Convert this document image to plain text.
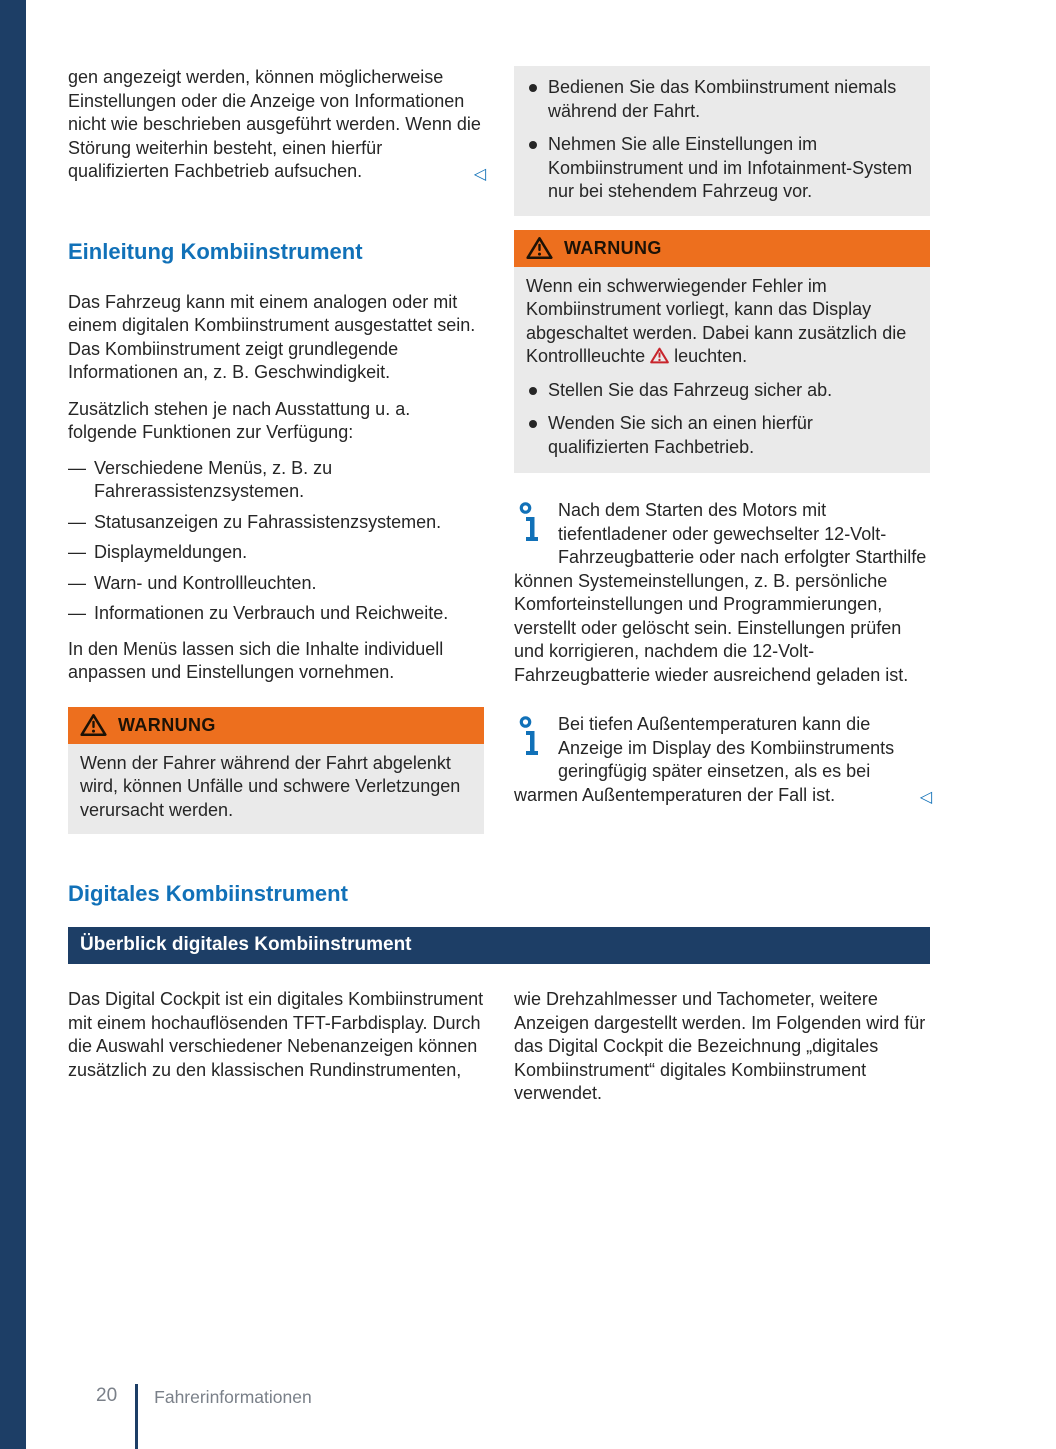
gen angezeigt werden, können möglicherweise Einstellungen oder die Anzeige von Informationen nicht wie beschrieben ausgeführt werden. Wenn die Störung weiterhin besteht, einen hierfür qualifizierten Fachbetrieb aufsuchen.	◁

Einleitung Kombiinstrument

Das Fahrzeug kann mit einem analogen oder mit einem digitalen Kombiinstrument ausgestattet sein. Das Kombiinstrument zeigt grundlegende Informationen an, z. B. Geschwindigkeit.

Zusätzlich stehen je nach Ausstattung u. a. folgende Funktionen zur Verfügung:

— Verschiedene Menüs, z. B. zu Fahrerassistenzsystemen.
— Statusanzeigen zu Fahrassistenzsystemen.
— Displaymeldungen.
— Warn- und Kontrollleuchten.
— Informationen zu Verbrauch und Reichweite.

In den Menüs lassen sich die Inhalte individuell anpassen und Einstellungen vornehmen.

WARNUNG

Wenn der Fahrer während der Fahrt abgelenkt wird, können Unfälle und schwere Verletzungen verursacht werden.

Bedienen Sie das Kombiinstrument niemals während der Fahrt.
Nehmen Sie alle Einstellungen im Kombiinstrument und im Infotainment-System nur bei stehendem Fahrzeug vor.
WARNUNG

Wenn ein schwerwiegender Fehler im Kombiinstrument vorliegt, kann das Display abgeschaltet werden. Dabei kann zusätzlich die Kontrollleuchte leuchten.

Stellen Sie das Fahrzeug sicher ab.
Wenden Sie sich an einen hierfür qualifizierten Fachbetrieb.
Nach dem Starten des Motors mit tiefentladener oder gewechselter 12-Volt-Fahrzeugbatterie oder nach erfolgter Starthilfe können Systemeinstellungen, z. B. persönliche Komforteinstellungen und Programmierungen, verstellt oder gelöscht sein. Einstellungen prüfen und korrigieren, nachdem die 12-Volt-Fahrzeugbatterie wieder ausreichend geladen ist.
Bei tiefen Außentemperaturen kann die Anzeige im Display des Kombiinstruments geringfügig später einsetzen, als es bei warmen Außentemperaturen der Fall ist.	◁
Digitales Kombiinstrument
Überblick digitales Kombiinstrument

Das Digital Cockpit ist ein digitales Kombiinstrument mit einem hochauflösenden TFT-Farbdisplay. Durch die Auswahl verschiedener Nebenanzeigen können zusätzlich zu den klassischen Rundinstrumenten,

wie Drehzahlmesser und Tachometer, weitere Anzeigen dargestellt werden. Im Folgenden wird für das Digital Cockpit die Bezeichnung „digitales Kombiinstrument“ digitales Kombiinstrument verwendet.

20 Fahrerinformationen
